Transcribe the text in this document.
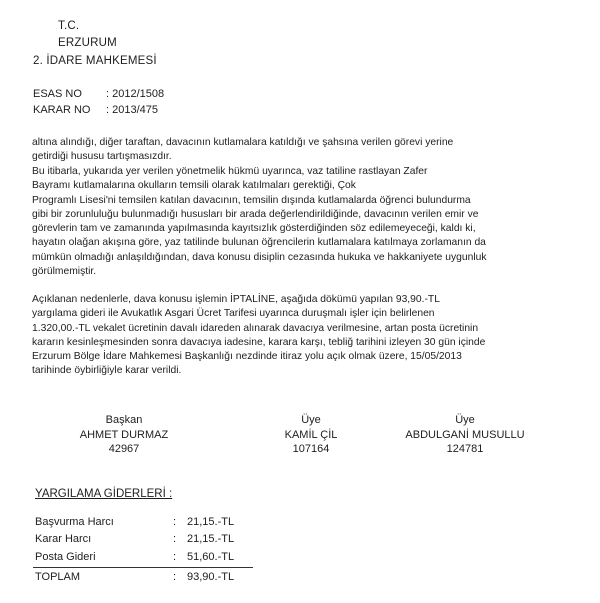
T.C.
ERZURUM
2. İDARE MAHKEMESİ
ESAS NO : 2012/1508
KARAR NO : 2013/475
altına alındığı, diğer taraftan, davacının kutlamalara katıldığı ve şahsına verilen görevi yerine
getirdiği hususu tartışmasızdır.
Bu itibarla, yukarıda yer verilen yönetmelik hükmü uyarınca, vaz tatiline rastlayan Zafer
Bayramı kutlamalarına okulların temsili olarak katılmaları gerektiği, Çok
Programlı Lisesi'ni temsilen katılan davacının, temsilin dışında kutlamalarda öğrenci bulundurma
gibi bir zorunluluğu bulunmadığı hususları bir arada değerlendirildiğinde, davacının verilen emir ve
görevlerin tam ve zamanında yapılmasında kayıtsızlık gösterdiğinden söz edilemeyeceği, kaldı ki,
hayatın olağan akışına göre, yaz tatilinde bulunan öğrencilerin kutlamalara katılmaya zorlamanın da
mümkün olmadığı anlaşıldığından, dava konusu disiplin cezasında hukuka ve hakkaniyete uygunluk
görülmemiştir.
Açıklanan nedenlerle, dava konusu işlemin İPTALİNE, aşağıda dökümü yapılan 93,90.-TL
yargılama gideri ile Avukatlık Asgari Ücret Tarifesi uyarınca duruşmalı işler için belirlenen
1.320,00.-TL vekalet ücretinin davalı idareden alınarak davacıya verilmesine, artan posta ücretinin
kararın kesinleşmesinden sonra davacıya iadesine, karara karşı, tebliğ tarihini izleyen 30 gün içinde
Erzurum Bölge İdare Mahkemesi Başkanlığı nezdinde itiraz yolu açık olmak üzere, 15/05/2013
tarihinde öybirliğiyle karar verildi.
Başkan
AHMET DURMAZ
42967
Üye
KAMİL ÇİL
107164
Üye
ABDULGANİ MUSULLU
124781
YARGILAMA GİDERLERİ :
Başvurma Harcı	: 21,15.-TL
Karar Harcı	: 21,15.-TL
Posta Gideri	: 51,60.-TL
TOPLAM	: 93,90.-TL
